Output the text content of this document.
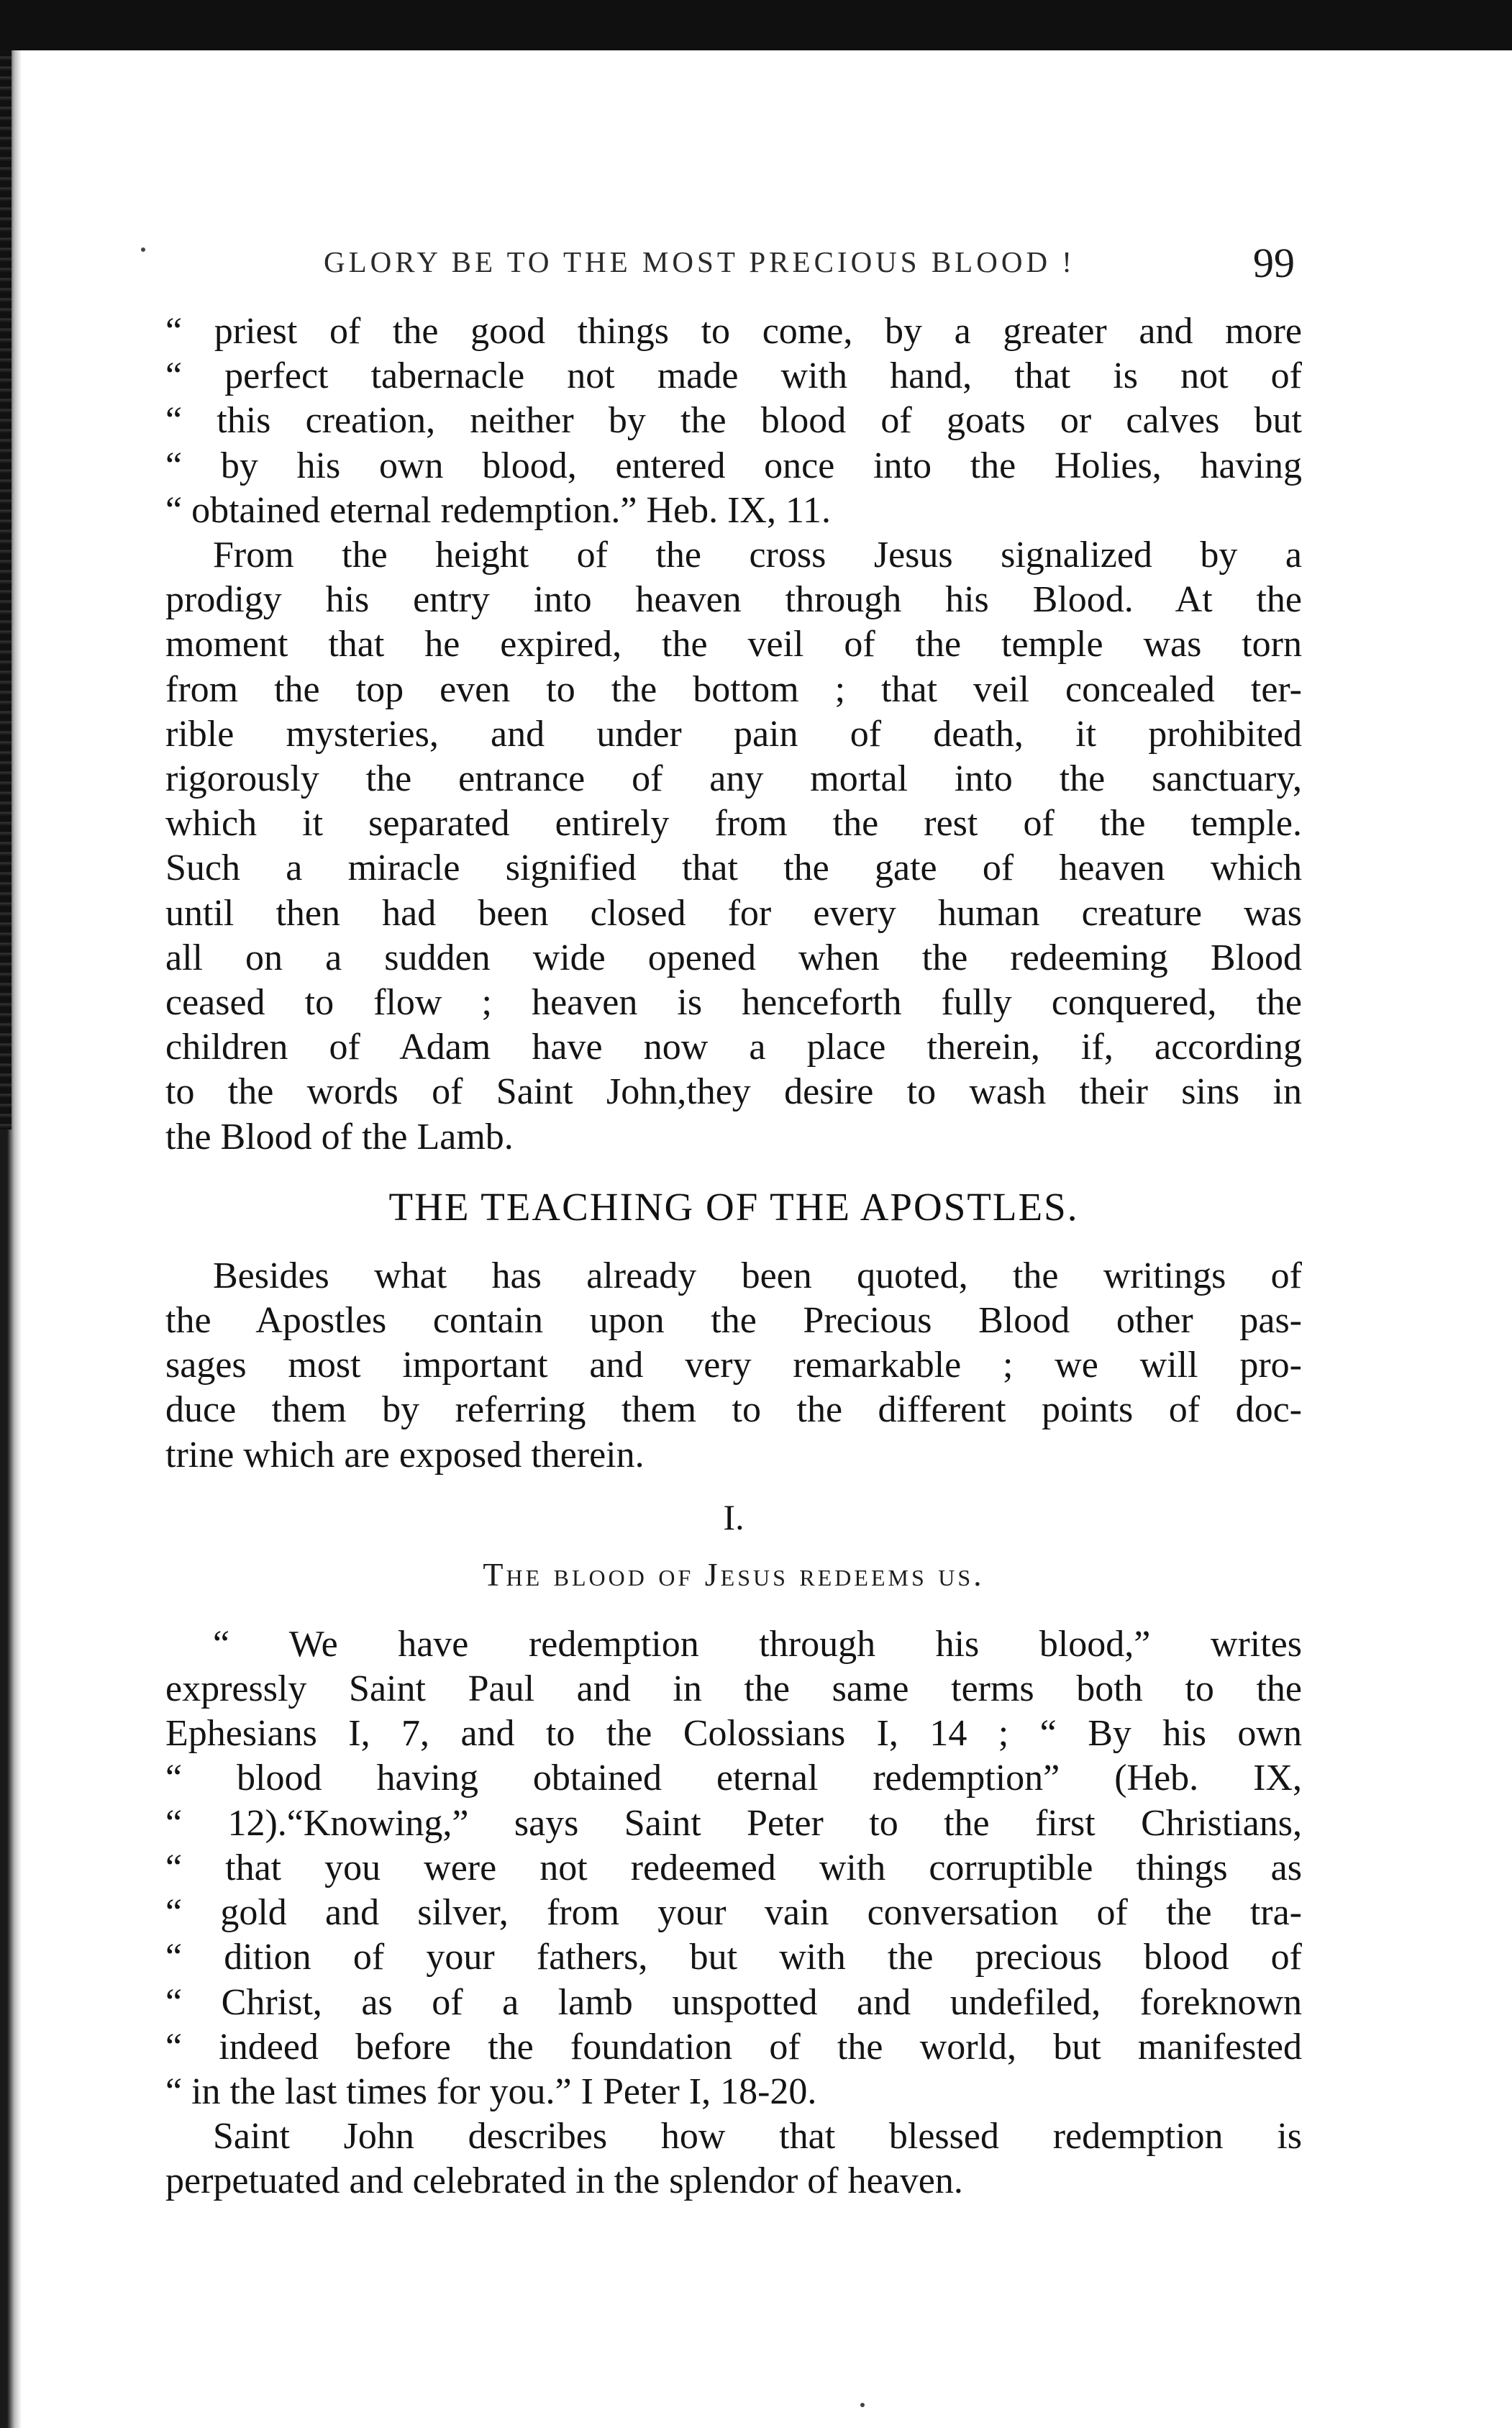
GLORY BE TO THE MOST PRECIOUS BLOOD !	99

“ priest of the good things to come, by a greater and more
“ perfect tabernacle not made with hand, that is not of
“ this creation, neither by the blood of goats or calves but
“ by his own blood, entered once into the Holies, having
“ obtained eternal redemption.” Heb. IX, 11.

From the height of the cross Jesus signalized by a
prodigy his entry into heaven through his Blood. At the
moment that he expired, the veil of the temple was torn
from the top even to the bottom ; that veil concealed ter-
rible mysteries, and under pain of death, it prohibited
rigorously the entrance of any mortal into the sanctuary,
which it separated entirely from the rest of the temple.
Such a miracle signified that the gate of heaven which
until then had been closed for every human creature was
all on a sudden wide opened when the redeeming Blood
ceased to flow ; heaven is henceforth fully conquered, the
children of Adam have now a place therein, if, according
to the words of Saint John,they desire to wash their sins in
the Blood of the Lamb.

THE TEACHING OF THE APOSTLES.

Besides what has already been quoted, the writings of
the Apostles contain upon the Precious Blood other pas-
sages most important and very remarkable ; we will pro-
duce them by referring them to the different points of doc-
trine which are exposed therein.

I.
The blood of Jesus redeems us.

“ We have redemption through his blood,” writes
expressly Saint Paul and in the same terms both to the
Ephesians I, 7, and to the Colossians I, 14 ; “ By his own
“ blood having obtained eternal redemption” (Heb. IX,
“ 12).“Knowing,” says Saint Peter to the first Christians,
“ that you were not redeemed with corruptible things as
“ gold and silver, from your vain conversation of the tra-
“ dition of your fathers, but with the precious blood of
“ Christ, as of a lamb unspotted and undefiled, foreknown
“ indeed before the foundation of the world, but manifested
“ in the last times for you.” I Peter I, 18-20.

Saint John describes how that blessed redemption is
perpetuated and celebrated in the splendor of heaven.
